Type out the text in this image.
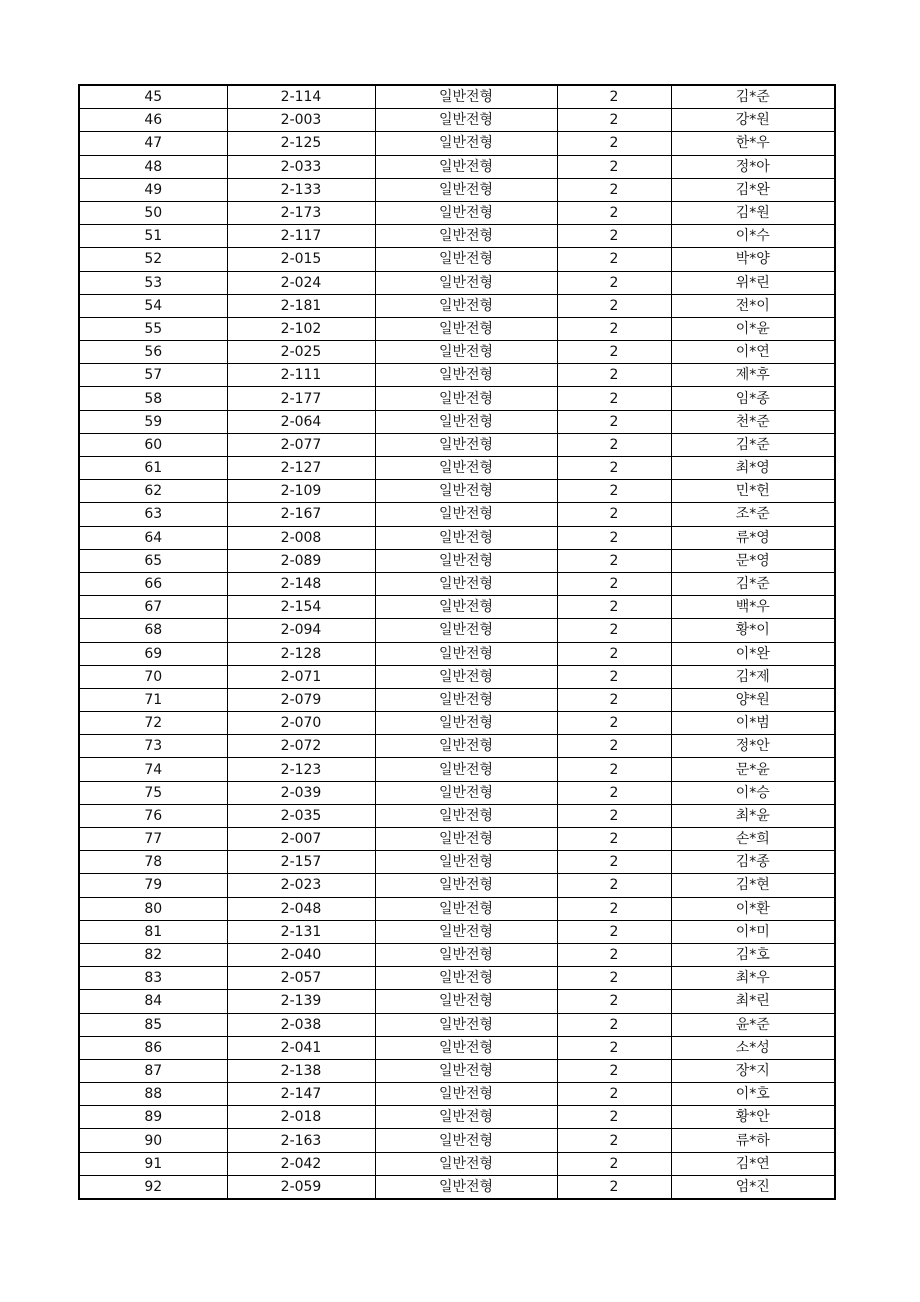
45	2-114	일반전형	2	김*준
46	2-003	일반전형	2	강*원
47	2-125	일반전형	2	한*우
48	2-033	일반전형	2	정*아
49	2-133	일반전형	2	김*완
50	2-173	일반전형	2	김*원
51	2-117	일반전형	2	이*수
52	2-015	일반전형	2	박*양
53	2-024	일반전형	2	위*린
54	2-181	일반전형	2	전*이
55	2-102	일반전형	2	이*윤
56	2-025	일반전형	2	이*연
57	2-111	일반전형	2	제*후
58	2-177	일반전형	2	임*종
59	2-064	일반전형	2	천*준
60	2-077	일반전형	2	김*준
61	2-127	일반전형	2	최*영
62	2-109	일반전형	2	민*헌
63	2-167	일반전형	2	조*준
64	2-008	일반전형	2	류*영
65	2-089	일반전형	2	문*영
66	2-148	일반전형	2	김*준
67	2-154	일반전형	2	백*우
68	2-094	일반전형	2	황*이
69	2-128	일반전형	2	이*완
70	2-071	일반전형	2	김*제
71	2-079	일반전형	2	양*원
72	2-070	일반전형	2	이*범
73	2-072	일반전형	2	정*안
74	2-123	일반전형	2	문*윤
75	2-039	일반전형	2	이*승
76	2-035	일반전형	2	최*윤
77	2-007	일반전형	2	손*희
78	2-157	일반전형	2	김*종
79	2-023	일반전형	2	김*현
80	2-048	일반전형	2	이*환
81	2-131	일반전형	2	이*미
82	2-040	일반전형	2	김*호
83	2-057	일반전형	2	최*우
84	2-139	일반전형	2	최*린
85	2-038	일반전형	2	윤*준
86	2-041	일반전형	2	소*성
87	2-138	일반전형	2	장*지
88	2-147	일반전형	2	이*호
89	2-018	일반전형	2	황*안
90	2-163	일반전형	2	류*하
91	2-042	일반전형	2	김*연
92	2-059	일반전형	2	엄*진
